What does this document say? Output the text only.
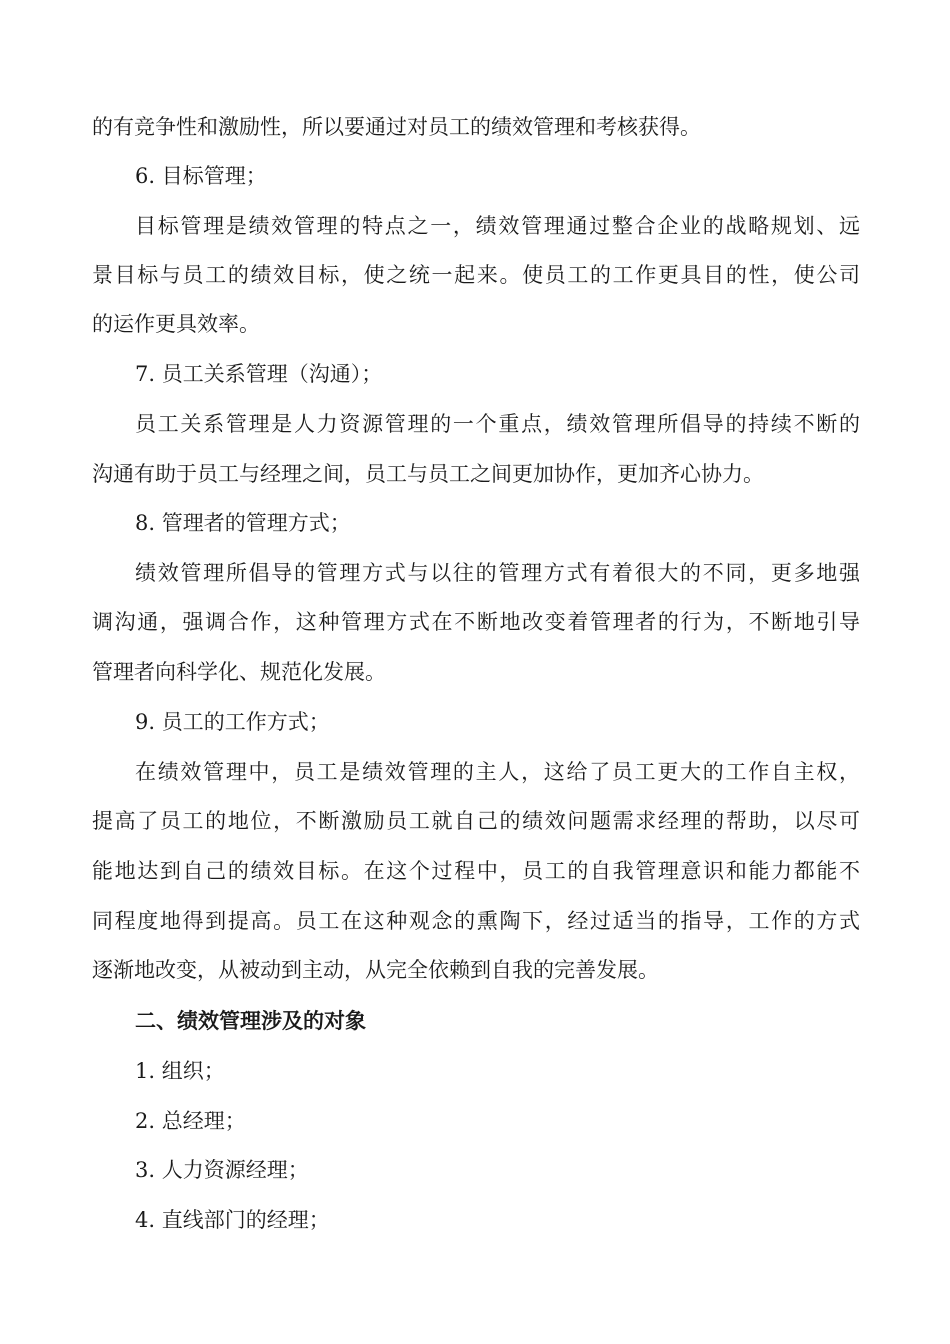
的有竞争性和激励性，所以要通过对员工的绩效管理和考核获得。
6. 目标管理；
目标管理是绩效管理的特点之一，绩效管理通过整合企业的战略规划、远
景目标与员工的绩效目标，使之统一起来。使员工的工作更具目的性，使公司
的运作更具效率。
7. 员工关系管理（沟通）；
员工关系管理是人力资源管理的一个重点，绩效管理所倡导的持续不断的
沟通有助于员工与经理之间，员工与员工之间更加协作，更加齐心协力。
8. 管理者的管理方式；
绩效管理所倡导的管理方式与以往的管理方式有着很大的不同，更多地强
调沟通，强调合作，这种管理方式在不断地改变着管理者的行为，不断地引导
管理者向科学化、规范化发展。
9. 员工的工作方式；
在绩效管理中，员工是绩效管理的主人，这给了员工更大的工作自主权，
提高了员工的地位，不断激励员工就自己的绩效问题需求经理的帮助，以尽可
能地达到自己的绩效目标。在这个过程中，员工的自我管理意识和能力都能不
同程度地得到提高。员工在这种观念的熏陶下，经过适当的指导，工作的方式
逐渐地改变，从被动到主动，从完全依赖到自我的完善发展。
二、绩效管理涉及的对象
1. 组织；
2. 总经理；
3. 人力资源经理；
4. 直线部门的经理；
